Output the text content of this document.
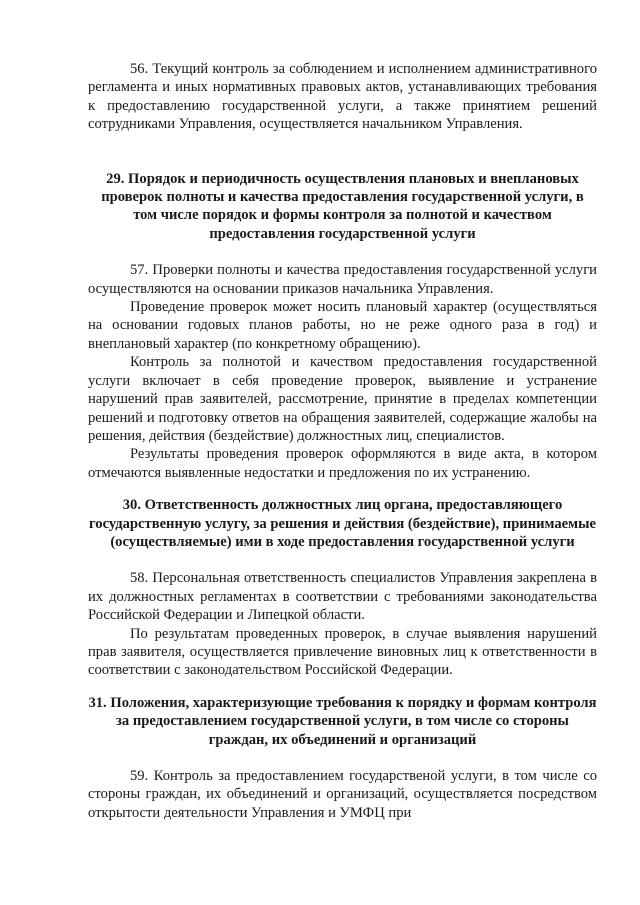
56. Текущий контроль за соблюдением и исполнением административного регламента и иных нормативных правовых актов, устанавливающих требования к предоставлению государственной услуги, а также принятием решений сотрудниками Управления, осуществляется начальником Управления.

29. Порядок и периодичность осуществления плановых и внеплановых проверок полноты и качества предоставления государственной услуги, в том числе порядок и формы контроля за полнотой и качеством предоставления государственной услуги

57. Проверки полноты и качества предоставления государственной услуги осуществляются на основании приказов начальника Управления.

Проведение проверок может носить плановый характер (осуществляться на основании годовых планов работы, но не реже одного раза в год) и внеплановый характер (по конкретному обращению).

Контроль за полнотой и качеством предоставления государственной услуги включает в себя проведение проверок, выявление и устранение нарушений прав заявителей, рассмотрение, принятие в пределах компетенции решений и подготовку ответов на обращения заявителей, содержащие жалобы на решения, действия (бездействие) должностных лиц, специалистов.

Результаты проведения проверок оформляются в виде акта, в котором отмечаются выявленные недостатки и предложения по их устранению.

30. Ответственность должностных лиц органа, предоставляющего государственную услугу, за решения и действия (бездействие), принимаемые (осуществляемые) ими в ходе предоставления государственной услуги

58. Персональная ответственность специалистов Управления закреплена в их должностных регламентах в соответствии с требованиями законодательства Российской Федерации и Липецкой области.

По результатам проведенных проверок, в случае выявления нарушений прав заявителя, осуществляется привлечение виновных лиц к ответственности в соответствии с законодательством Российской Федерации.

31. Положения, характеризующие требования к порядку и формам контроля за предоставлением государственной услуги, в том числе со стороны граждан, их объединений и организаций

59. Контроль за предоставлением государственой услуги, в том числе со стороны граждан, их объединений и организаций, осуществляется посредством открытости деятельности Управления и УМФЦ при
